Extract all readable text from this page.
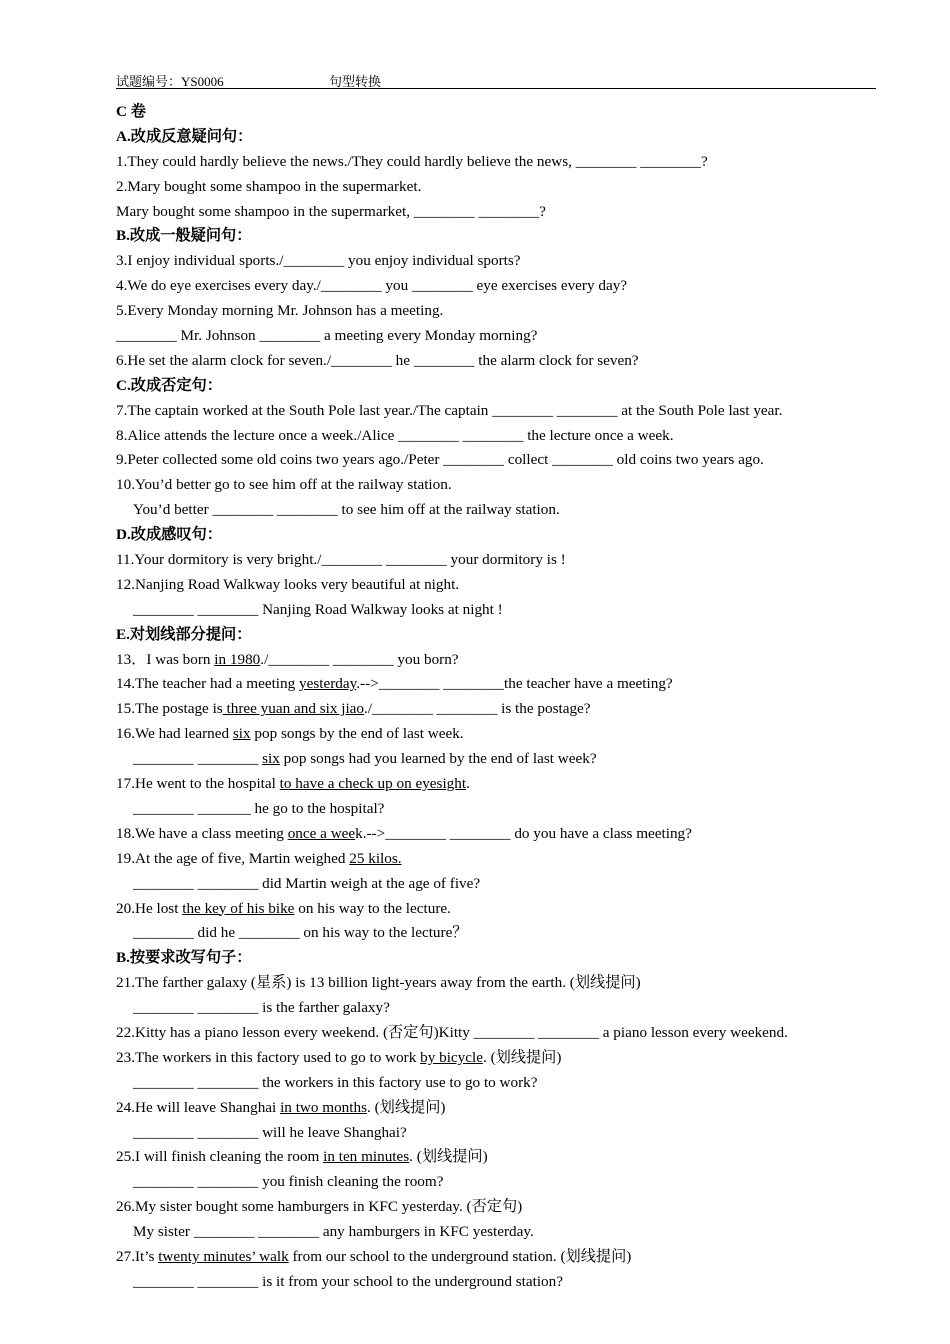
试题编号：YS0006	句型转换
C 卷
A.改成反意疑问句：
1.They could hardly believe the news./They could hardly believe the news, ________ ________?
2.Mary bought some shampoo in the supermarket.
Mary bought some shampoo in the supermarket, ________ ________?
B.改成一般疑问句：
3.I enjoy individual sports./________ you enjoy individual sports?
4.We do eye exercises every day./________ you ________ eye exercises every day?
5.Every Monday morning Mr. Johnson has a meeting.
________ Mr. Johnson ________ a meeting every Monday morning?
6.He set the alarm clock for seven./________ he ________ the alarm clock for seven?
C.改成否定句：
7.The captain worked at the South Pole last year./The captain ________ ________ at the South Pole last year.
8.Alice attends the lecture once a week./Alice ________ ________ the lecture once a week.
9.Peter collected some old coins two years ago./Peter ________ collect ________ old coins two years ago.
10.You’d better go to see him off at the railway station.
You’d better ________ ________ to see him off at the railway station.
D.改成感叹句：
11.Your dormitory is very bright./________ ________ your dormitory is !
12.Nanjing Road Walkway looks very beautiful at night.
________ ________ Nanjing Road Walkway looks at night !
E.对划线部分提问：
13．I was born in 1980./________ ________ you born?
14.The teacher had a meeting yesterday.-->________ ________the teacher have a meeting?
15.The postage is three yuan and six jiao./________ ________ is the postage?
16.We had learned six pop songs by the end of last week.
________ ________ six pop songs had you learned by the end of last week?
17.He went to the hospital to have a check up on eyesight.
________ _______ he go to the hospital?
18.We have a class meeting once a week.-->________ ________ do you have a class meeting?
19.At the age of five, Martin weighed 25 kilos.
________ ________ did Martin weigh at the age of five?
20.He lost the key of his bike on his way to the lecture.
________ did he ________ on his way to the lecture？
B.按要求改写句子：
21.The farther galaxy (星系) is 13 billion light-years away from the earth. (划线提问)
________ ________ is the farther galaxy?
22.Kitty has a piano lesson every weekend. (否定句)Kitty ________ ________ a piano lesson every weekend.
23.The workers in this factory used to go to work by bicycle. (划线提问)
________ ________ the workers in this factory use to go to work?
24.He will leave Shanghai in two months. (划线提问)
________ ________ will he leave Shanghai?
25.I will finish cleaning the room in ten minutes. (划线提问)
________ ________ you finish cleaning the room?
26.My sister bought some hamburgers in KFC yesterday. (否定句)
My sister ________ ________ any hamburgers in KFC yesterday.
27.It’s twenty minutes’ walk from our school to the underground station. (划线提问)
________ ________ is it from your school to the underground station?
